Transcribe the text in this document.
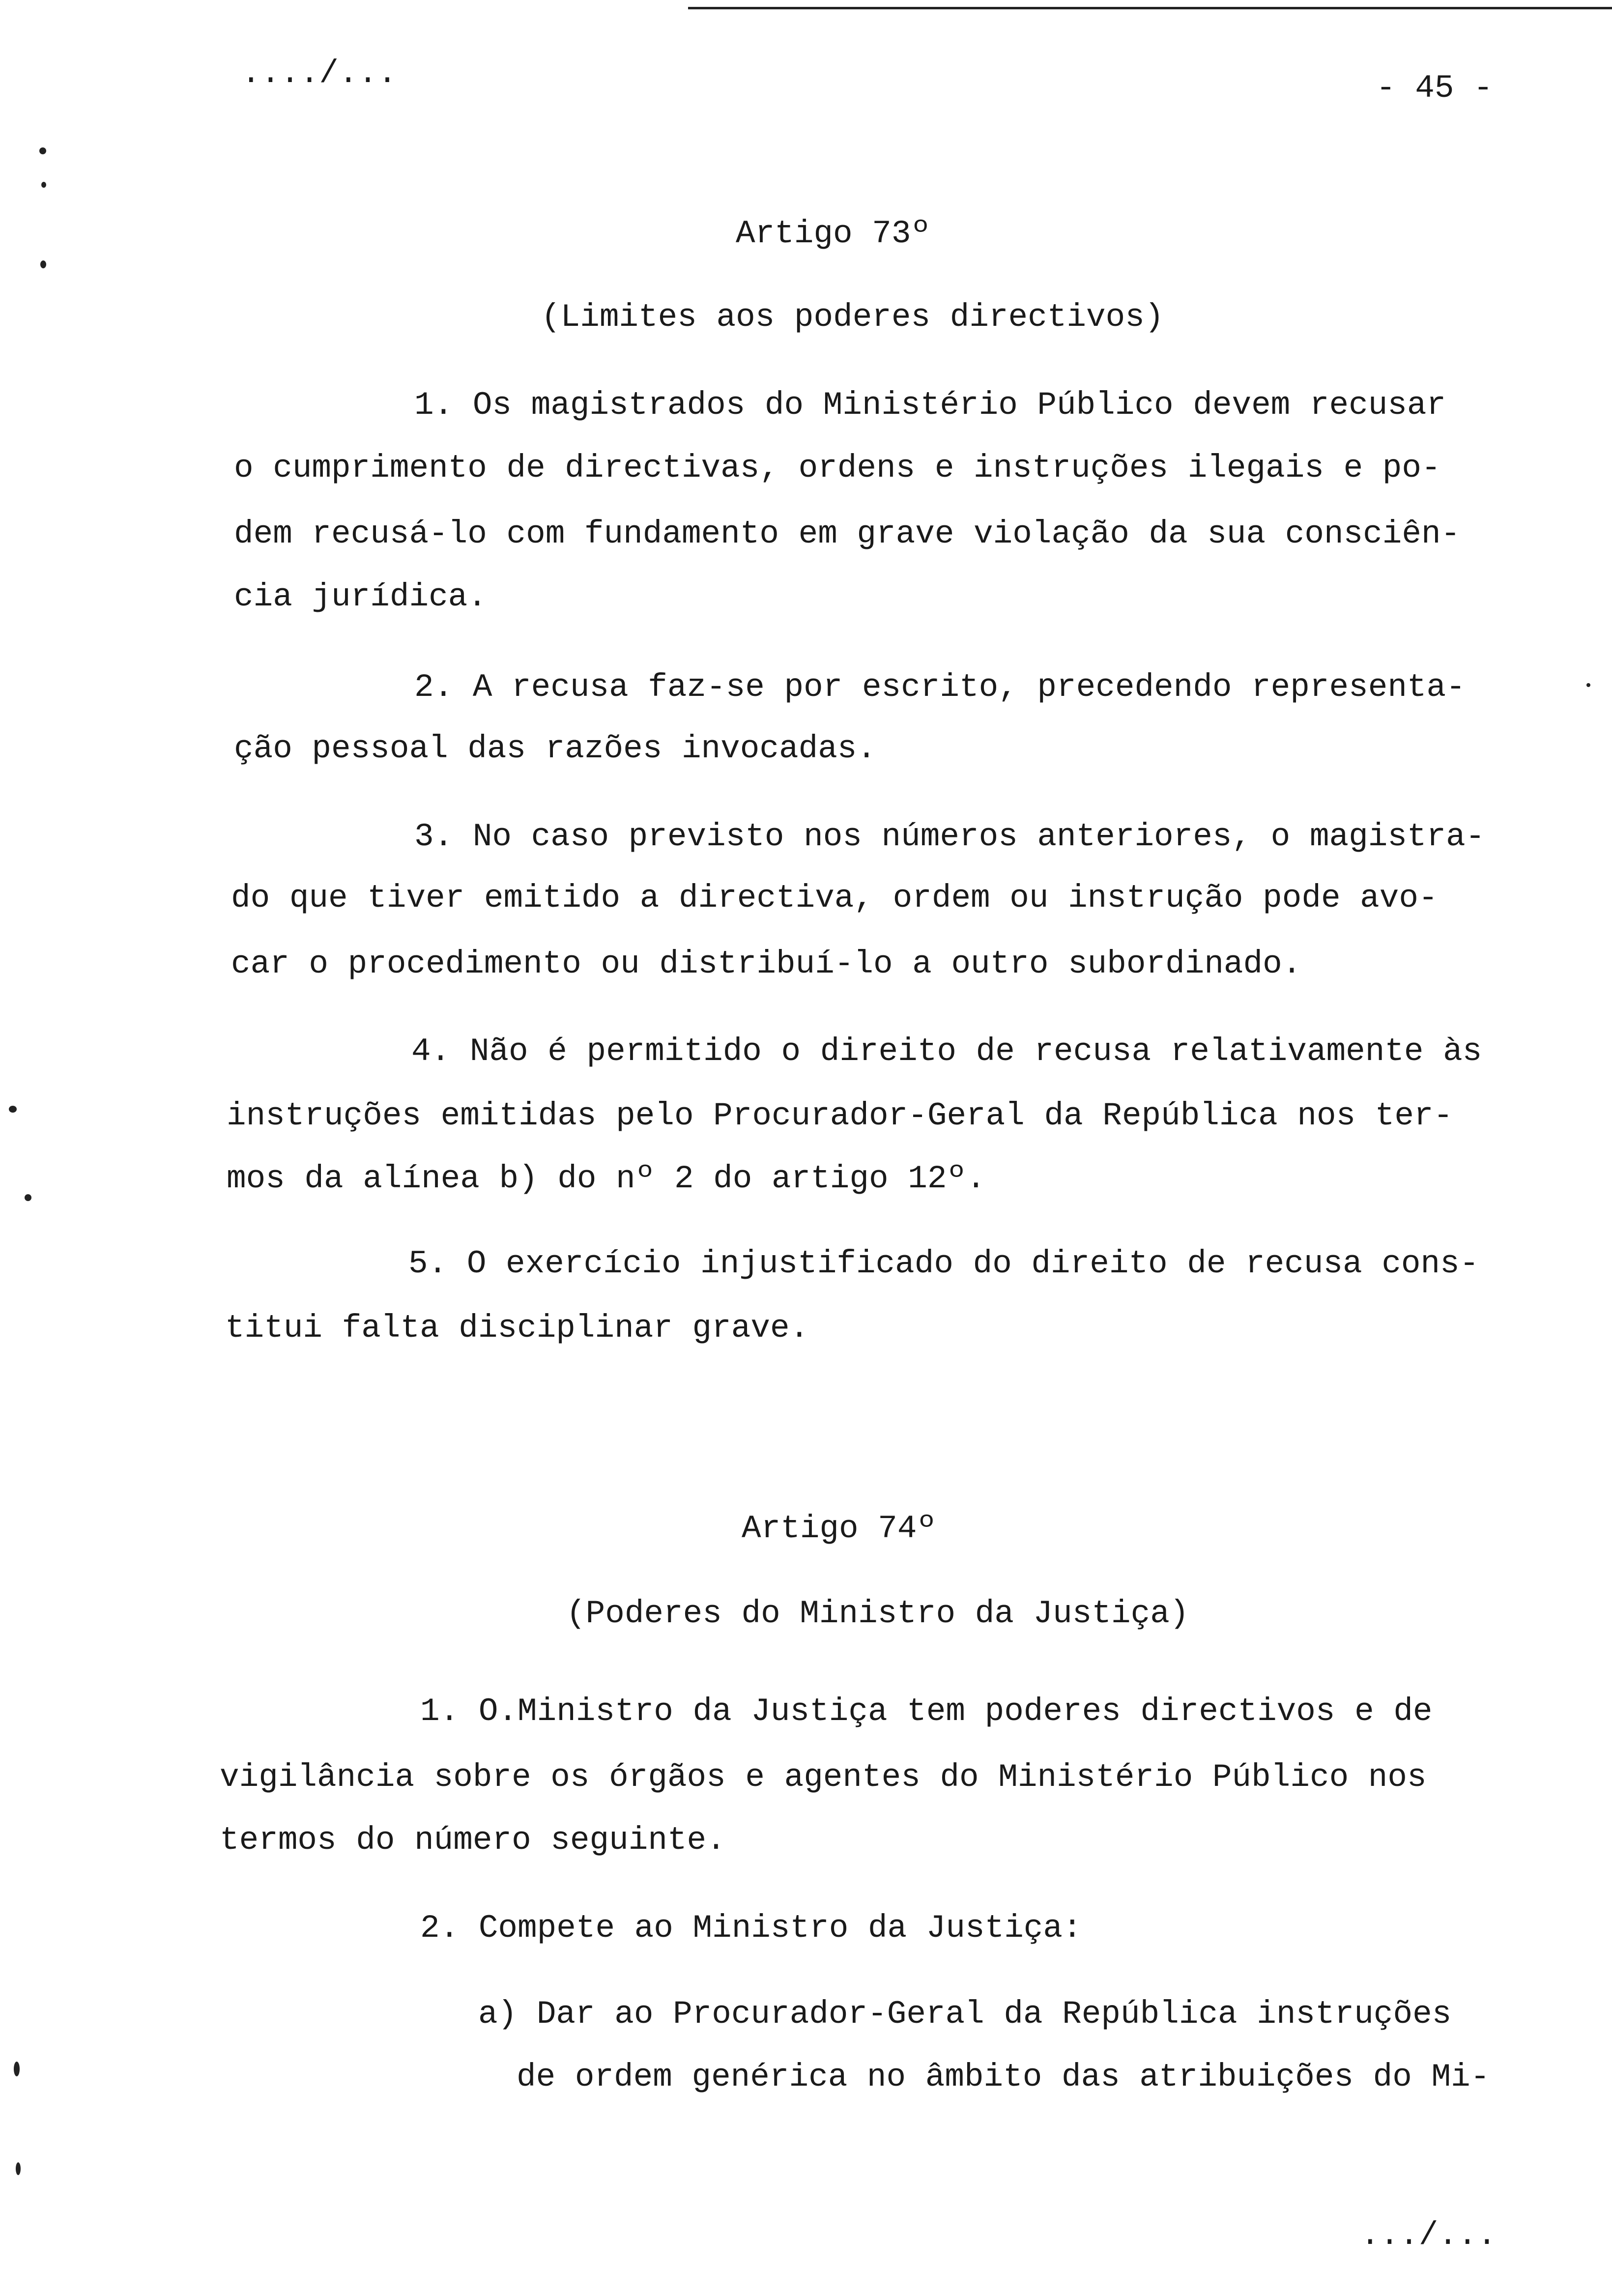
..../...	- 45 -
Artigo 73º
(Limites aos poderes directivos)
1. Os magistrados do Ministério Público devem recusar
o cumprimento de directivas, ordens e instruções ilegais e po-
dem recusá-lo com fundamento em grave violação da sua consciên-
cia jurídica.
2. A recusa faz-se por escrito, precedendo representa-
ção pessoal das razões invocadas.
3. No caso previsto nos números anteriores, o magistra-
do que tiver emitido a directiva, ordem ou instrução pode avo-
car o procedimento ou distribuí-lo a outro subordinado.
4. Não é permitido o direito de recusa relativamente às
instruções emitidas pelo Procurador-Geral da República nos ter-
mos da alínea b) do nº 2 do artigo 12º.
5. O exercício injustificado do direito de recusa cons-
titui falta disciplinar grave.
Artigo 74º
(Poderes do Ministro da Justiça)
1. O.Ministro da Justiça tem poderes directivos e de
vigilância sobre os órgãos e agentes do Ministério Público nos
termos do número seguinte.
2. Compete ao Ministro da Justiça:
a) Dar ao Procurador-Geral da República instruções
de ordem genérica no âmbito das atribuições do Mi-
.../...
